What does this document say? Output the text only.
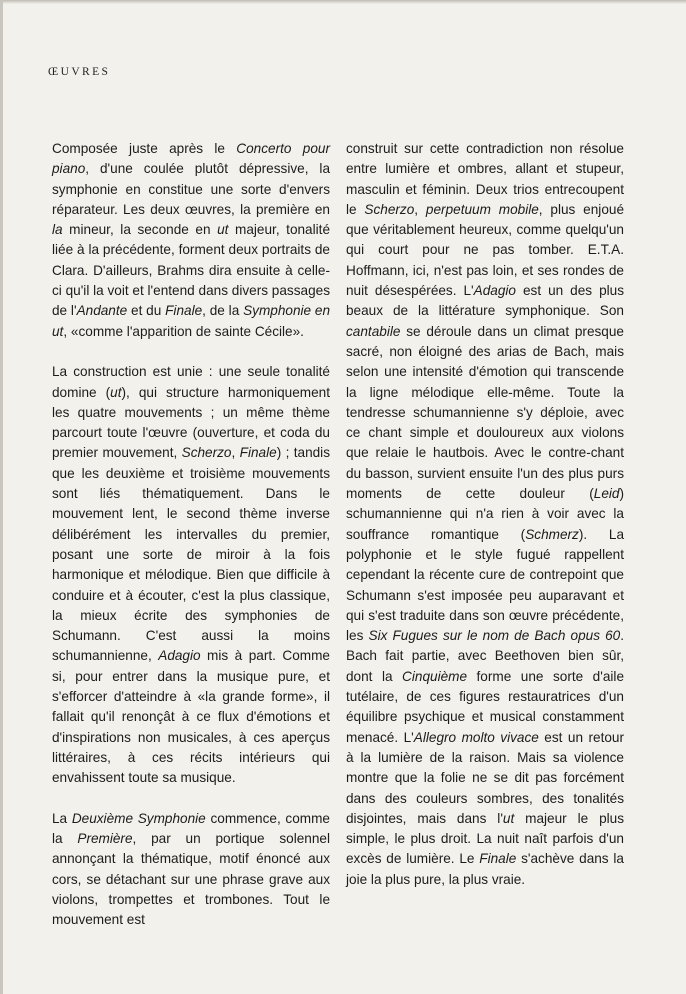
ŒUVRES

Composée juste après le Concerto pour piano, d'une coulée plutôt dépressive, la symphonie en constitue une sorte d'envers réparateur. Les deux œuvres, la première en la mineur, la seconde en ut majeur, tonalité liée à la précédente, forment deux portraits de Clara. D'ailleurs, Brahms dira ensuite à celle-ci qu'il la voit et l'entend dans divers passages de l'Andante et du Finale, de la Symphonie en ut, «comme l'apparition de sainte Cécile».

La construction est unie : une seule tonalité domine (ut), qui structure harmoniquement les quatre mouvements ; un même thème parcourt toute l'œuvre (ouverture, et coda du premier mouvement, Scherzo, Finale) ; tandis que les deuxième et troisième mouvements sont liés thématiquement. Dans le mouvement lent, le second thème inverse délibérément les intervalles du premier, posant une sorte de miroir à la fois harmonique et mélodique. Bien que difficile à conduire et à écouter, c'est la plus classique, la mieux écrite des symphonies de Schumann. C'est aussi la moins schumannienne, Adagio mis à part. Comme si, pour entrer dans la musique pure, et s'efforcer d'atteindre à «la grande forme», il fallait qu'il renonçât à ce flux d'émotions et d'inspirations non musicales, à ces aperçus littéraires, à ces récits intérieurs qui envahissent toute sa musique.

La Deuxième Symphonie commence, comme la Première, par un portique solennel annonçant la thématique, motif énoncé aux cors, se détachant sur une phrase grave aux violons, trompettes et trombones. Tout le mouvement est

construit sur cette contradiction non résolue entre lumière et ombres, allant et stupeur, masculin et féminin. Deux trios entrecoupent le Scherzo, perpetuum mobile, plus enjoué que véritablement heureux, comme quelqu'un qui court pour ne pas tomber. E.T.A. Hoffmann, ici, n'est pas loin, et ses rondes de nuit désespérées. L'Adagio est un des plus beaux de la littérature symphonique. Son cantabile se déroule dans un climat presque sacré, non éloigné des arias de Bach, mais selon une intensité d'émotion qui transcende la ligne mélodique elle-même. Toute la tendresse schumannienne s'y déploie, avec ce chant simple et douloureux aux violons que relaie le hautbois. Avec le contre-chant du basson, survient ensuite l'un des plus purs moments de cette douleur (Leid) schumannienne qui n'a rien à voir avec la souffrance romantique (Schmerz). La polyphonie et le style fugué rappellent cependant la récente cure de contrepoint que Schumann s'est imposée peu auparavant et qui s'est traduite dans son œuvre précédente, les Six Fugues sur le nom de Bach opus 60. Bach fait partie, avec Beethoven bien sûr, dont la Cinquième forme une sorte d'aile tutélaire, de ces figures restauratrices d'un équilibre psychique et musical constamment menacé. L'Allegro molto vivace est un retour à la lumière de la raison. Mais sa violence montre que la folie ne se dit pas forcément dans des couleurs sombres, des tonalités disjointes, mais dans l'ut majeur le plus simple, le plus droit. La nuit naît parfois d'un excès de lumière. Le Finale s'achève dans la joie la plus pure, la plus vraie.
